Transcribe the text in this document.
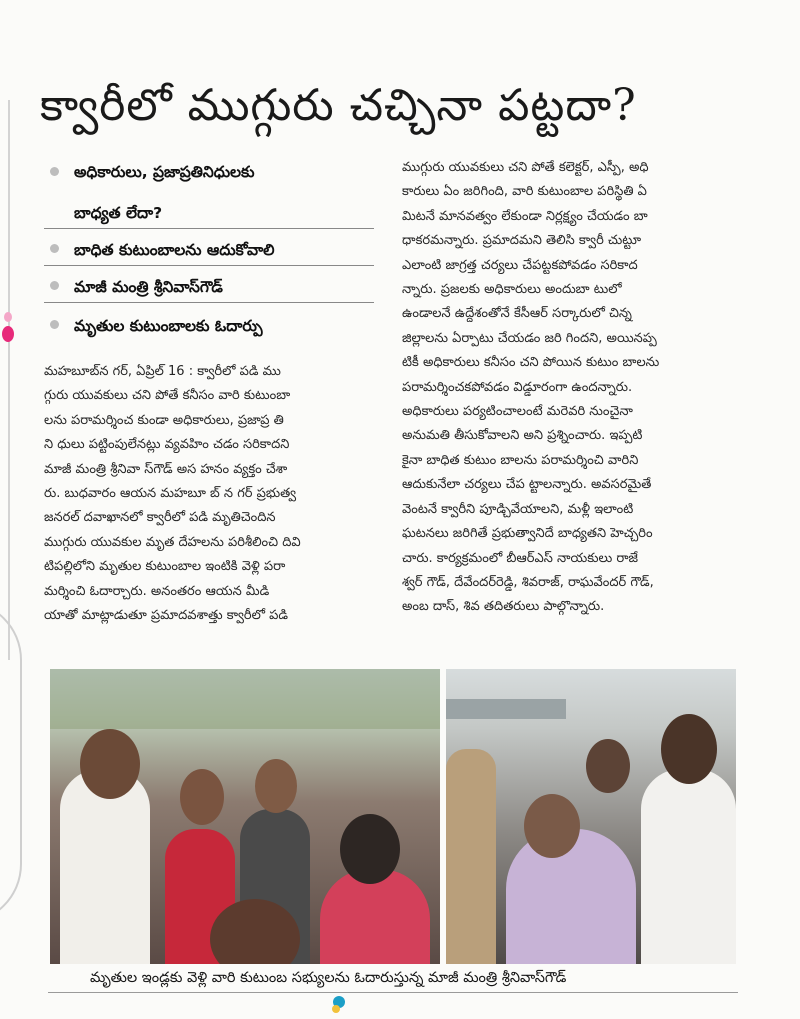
క్వారీలో ముగ్గురు చచ్చినా పట్టదా?
అధికారులు, ప్రజాప్రతినిధులకు
బాధ్యత లేదా?
బాధిత కుటుంబాలను ఆదుకోవాలి
మాజీ మంత్రి శ్రీనివాస్‌గౌడ్
మృతుల కుటుంబాలకు ఓదార్పు
మహబూబ్‌న గర్, ఏప్రిల్ 16 : క్వారీలో పడి ము
గ్గురు యువకులు చని పోతే కనీసం వారి కుటుంబా
లను పరామర్శించ కుండా అధికారులు, ప్రజాప్ర తి
ని ధులు పట్టింపులేనట్లు వ్యవహిం చడం సరికాదని
మాజీ మంత్రి శ్రీనివా స్‌గౌడ్ అస హనం వ్యక్తం చేశా
రు. బుధవారం ఆయన మహబూ బ్‌ న గర్ ప్రభుత్వ
జనరల్ దవాఖానలో క్వారీలో పడి మృతిచెందిన
ముగ్గురు యువకుల మృత దేహలను పరిశీలించి దివి
టిపల్లిలోని మృతుల కుటుంబాల ఇంటికి వెళ్లి పరా
మర్శించి ఓదార్చారు. అనంతరం ఆయన మీడి
యాతో మాట్లాడుతూ ప్రమాదవశాత్తు క్వారీలో పడి
ముగ్గురు యువకులు చని పోతే కలెక్టర్, ఎస్పీ, అధి
కారులు ఏం జరిగింది, వారి కుటుంబాల పరిస్థితి ఏ
మిటనే మానవత్వం లేకుండా నిర్లక్ష్యం చేయడం బా
ధాకరమన్నారు. ప్రమాదమని తెలిసి క్వారీ చుట్టూ
ఎలాంటి జాగ్రత్త చర్యలు చేపట్టకపోవడం సరికాద
న్నారు. ప్రజలకు అధికారులు అందుబా టులో
ఉండాలనే ఉద్దేశంతోనే కేసీఆర్ సర్కారులో చిన్న
జిల్లాలను ఏర్పాటు చేయడం జరి గిందని, అయినప్ప
టికీ అధికారులు కనీసం చని పోయిన కుటుం బాలను
పరామర్శించకపోవడం విడ్డూరంగా ఉందన్నారు.
అధికారులు పర్యటించాలంటే మరెవరి నుంచైనా
అనుమతి తీసుకోవాలని అని ప్రశ్నించారు. ఇప్పటి
కైనా బాధిత కుటుం బాలను పరామర్శించి వారిని
ఆదుకునేలా చర్యలు చేప ట్టాలన్నారు. అవసరమైతే
వెంటనే క్వారీని పూడ్చివేయాలని, మళ్లీ ఇలాంటి
ఘటనలు జరిగితే ప్రభుత్వానిదే బాధ్యతని హెచ్చరిం
చారు. కార్యక్రమంలో బీఆర్‌ఎస్ నాయకులు రాజే
శ్వర్ గౌడ్, దేవేందర్‌రెడ్డి, శివరాజ్, రాఘవేందర్ గౌడ్,
అంబ దాస్, శివ తదితరులు పాల్గొన్నారు.
మృతుల ఇండ్లకు వెళ్లి వారి కుటుంబ సభ్యులను ఓదారుస్తున్న మాజీ మంత్రి శ్రీనివాస్‌గౌడ్
